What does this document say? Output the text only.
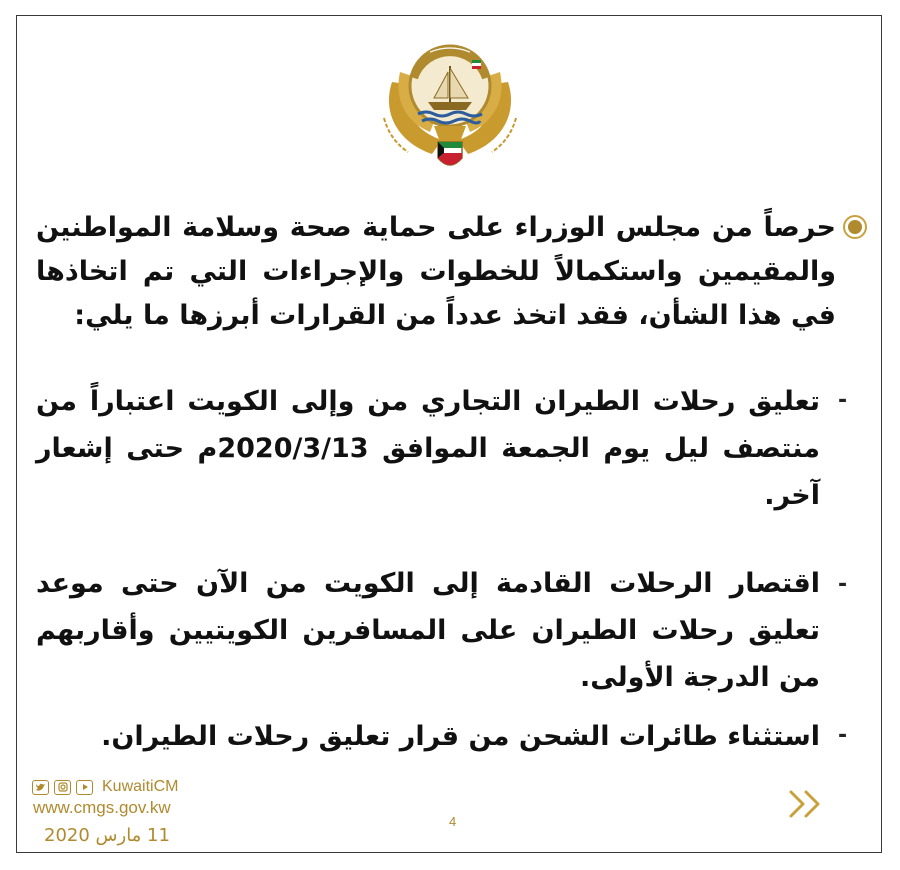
حرصاً من مجلس الوزراء على حماية صحة وسلامة المواطنين والمقيمين واستكمالاً للخطوات والإجراءات التي تم اتخاذها في هذا الشأن، فقد اتخذ عدداً من القرارات أبرزها ما يلي:
-
تعليق رحلات الطيران التجاري من وإلى الكويت اعتباراً من منتصف ليل يوم الجمعة الموافق 2020/3/13م حتى إشعار آخر.
-
اقتصار الرحلات القادمة إلى الكويت من الآن حتى موعد تعليق رحلات الطيران على المسافرين الكويتيين وأقاربهم من الدرجة الأولى.
-
استثناء طائرات الشحن من قرار تعليق رحلات الطيران.
KuwaitiCM
www.cmgs.gov.kw
11 مارس 2020
4
